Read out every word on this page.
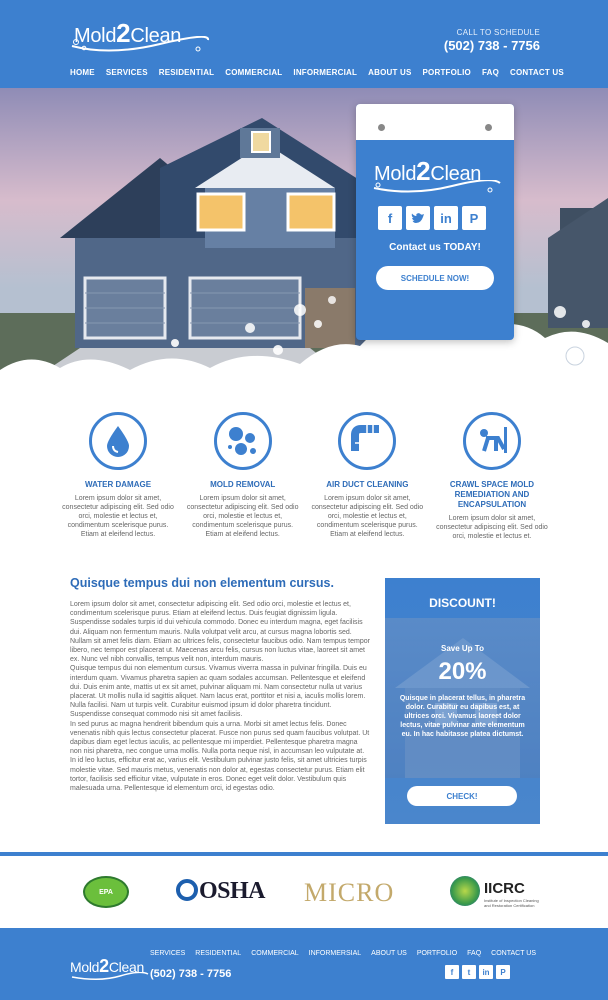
Mold2Clean	CALL TO SCHEDULE
(502) 738 - 7756
HOME SERVICES RESIDENTIAL COMMERCIAL INFORMERCIAL ABOUT US PORTFOLIO FAQ CONTACT US
Mold2Clean
f	in	P
Contact us TODAY!
SCHEDULE NOW!
WATER DAMAGE
Lorem ipsum dolor sit amet, consectetur adipiscing elit. Sed odio orci, molestie et lectus et, condimentum scelerisque purus. Etiam at eleifend lectus.
MOLD REMOVAL
Lorem ipsum dolor sit amet, consectetur adipiscing elit. Sed odio orci, molestie et lectus et, condimentum scelerisque purus. Etiam at eleifend lectus.
AIR DUCT CLEANING
Lorem ipsum dolor sit amet, consectetur adipiscing elit. Sed odio orci, molestie et lectus et, condimentum scelerisque purus. Etiam at eleifend lectus.
CRAWL SPACE MOLD REMEDIATION AND ENCAPSULATION
Lorem ipsum dolor sit amet, consectetur adipiscing elit. Sed odio orci, molestie et lectus et.
Quisque tempus dui non elementum cursus.

Lorem ipsum dolor sit amet, consectetur adipiscing elit. Sed odio orci, molestie et lectus et, condimentum scelerisque purus. Etiam at eleifend lectus. Duis feugiat dignissim ligula. Suspendisse sodales turpis id dui vehicula commodo. Donec eu interdum magna, eget facilisis dui. Aliquam non fermentum mauris. Nulla volutpat velit arcu, at cursus magna lobortis sed. Nullam sit amet felis diam. Etiam ac ultrices felis, consectetur faucibus odio. Nam tempus tempor libero, nec tempor est placerat ut. Maecenas arcu felis, cursus non luctus vitae, laoreet sit amet ex. Nunc vel nibh convallis, tempus velit non, interdum mauris.

Quisque tempus dui non elementum cursus. Vivamus viverra massa in pulvinar fringilla. Duis eu interdum quam. Vivamus pharetra sapien ac quam sodales accumsan. Pellentesque et eleifend dui. Duis enim ante, mattis ut ex sit amet, pulvinar aliquam mi. Nam consectetur nulla ut varius placerat. Ut mollis nulla id sagittis aliquet. Nam lacus erat, porttitor et nisi a, iaculis mollis lorem. Nulla facilisi. Nam ut turpis velit. Curabitur euismod ipsum id dolor pharetra tincidunt. Suspendisse consequat commodo nisi sit amet facilisis.

In sed purus ac magna hendrerit bibendum quis a urna. Morbi sit amet lectus felis. Donec venenatis nibh quis lectus consectetur placerat. Fusce non purus sed quam faucibus volutpat. Ut dapibus diam eget lectus iaculis, ac pellentesque mi imperdiet. Pellentesque pharetra magna non nisi pharetra, nec congue urna mollis. Nulla porta neque nisl, in accumsan leo vulputate at. In id leo luctus, efficitur erat ac, varius elit. Vestibulum pulvinar justo felis, sit amet ultricies turpis molestie vitae. Sed mauris metus, venenatis non dolor at, egestas consectetur purus. Etiam elit tortor, facilisis sed efficitur vitae, vulputate in eros. Donec eget velit dolor. Vestibulum quis malesuada urna. Pellentesque id elementum orci, id egestas odio.

DISCOUNT!
Save Up To
20%
Quisque in placerat tellus, in pharetra dolor. Curabitur eu dapibus est, at ultrices orci. Vivamus laoreet dolor lectus, vitae pulvinar ante elementum eu. In hac habitasse platea dictumst.
CHECK!
EPA	OSHA MICRO	IICRC
Institute of Inspection Cleaning and Restoration Certification
Mold2Clean
SERVICES RESIDENTIAL COMMERCIAL INFORMERSIAL ABOUT US PORTFOLIO FAQ CONTACT US
(502) 738 - 7756	f	t	in	P
